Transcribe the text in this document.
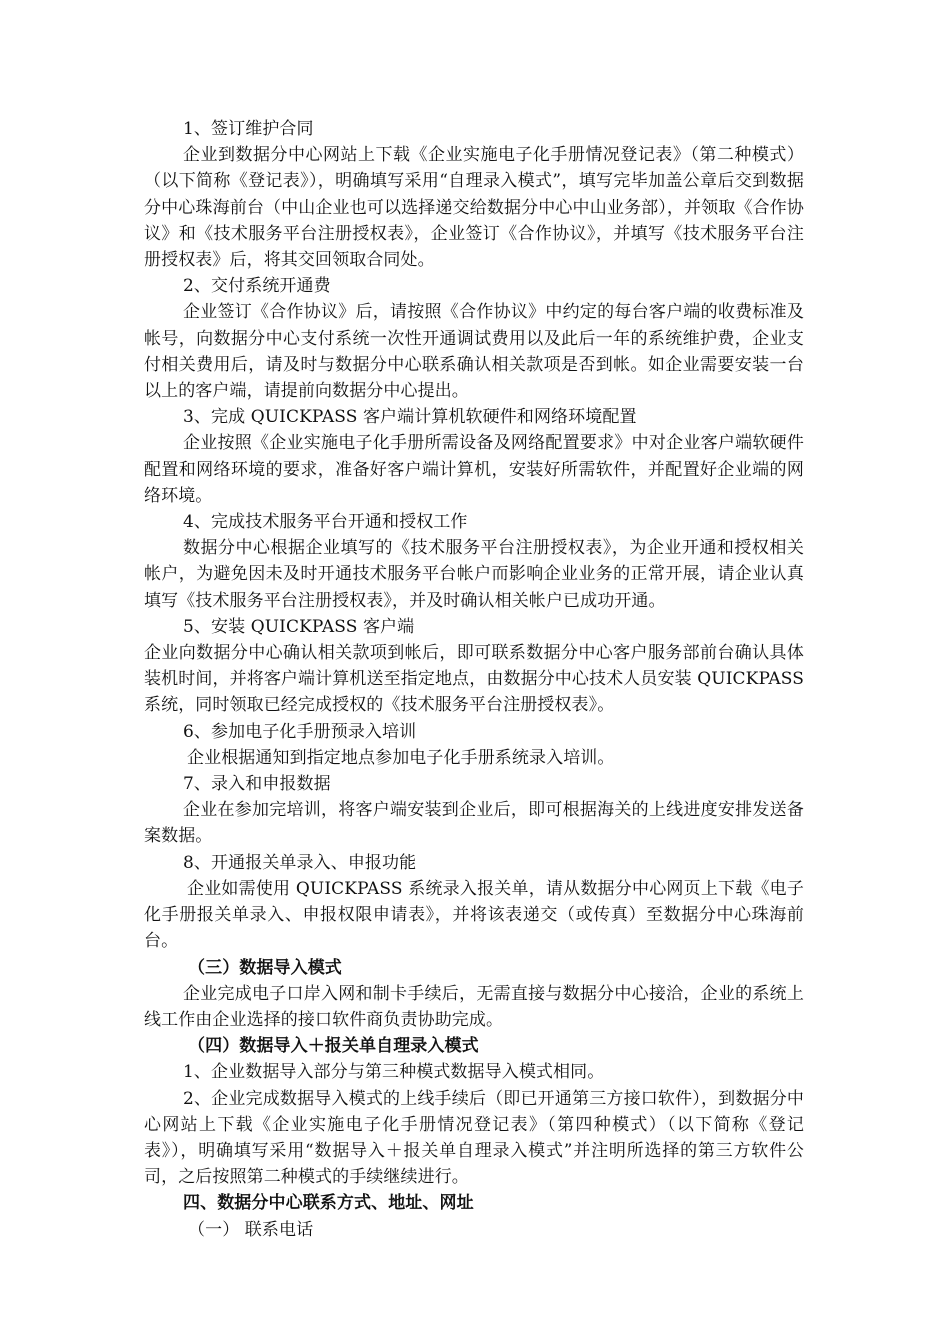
1、签订维护合同

企业到数据分中心网站上下载《企业实施电子化手册情况登记表》（第二种模式）（以下简称《登记表》），明确填写采用“自理录入模式”，填写完毕加盖公章后交到数据分中心珠海前台（中山企业也可以选择递交给数据分中心中山业务部），并领取《合作协议》和《技术服务平台注册授权表》，企业签订《合作协议》，并填写《技术服务平台注册授权表》后，将其交回领取合同处。

2、交付系统开通费

企业签订《合作协议》后，请按照《合作协议》中约定的每台客户端的收费标准及帐号，向数据分中心支付系统一次性开通调试费用以及此后一年的系统维护费，企业支付相关费用后，请及时与数据分中心联系确认相关款项是否到帐。如企业需要安装一台以上的客户端，请提前向数据分中心提出。

3、完成 QUICKPASS 客户端计算机软硬件和网络环境配置

企业按照《企业实施电子化手册所需设备及网络配置要求》中对企业客户端软硬件配置和网络环境的要求，准备好客户端计算机，安装好所需软件，并配置好企业端的网络环境。

4、完成技术服务平台开通和授权工作

数据分中心根据企业填写的《技术服务平台注册授权表》，为企业开通和授权相关帐户，为避免因未及时开通技术服务平台帐户而影响企业业务的正常开展，请企业认真填写《技术服务平台注册授权表》，并及时确认相关帐户已成功开通。

5、安装 QUICKPASS 客户端

企业向数据分中心确认相关款项到帐后，即可联系数据分中心客户服务部前台确认具体装机时间，并将客户端计算机送至指定地点，由数据分中心技术人员安装 QUICKPASS 系统，同时领取已经完成授权的《技术服务平台注册授权表》。

6、参加电子化手册预录入培训

企业根据通知到指定地点参加电子化手册系统录入培训。

7、录入和申报数据

企业在参加完培训，将客户端安装到企业后，即可根据海关的上线进度安排发送备案数据。

8、开通报关单录入、申报功能

企业如需使用 QUICKPASS 系统录入报关单，请从数据分中心网页上下载《电子化手册报关单录入、申报权限申请表》，并将该表递交（或传真）至数据分中心珠海前台。

（三）数据导入模式

企业完成电子口岸入网和制卡手续后，无需直接与数据分中心接洽，企业的系统上线工作由企业选择的接口软件商负责协助完成。

（四）数据导入＋报关单自理录入模式

1、企业数据导入部分与第三种模式数据导入模式相同。

2、企业完成数据导入模式的上线手续后（即已开通第三方接口软件），到数据分中心网站上下载《企业实施电子化手册情况登记表》（第四种模式）（以下简称《登记表》），明确填写采用“数据导入＋报关单自理录入模式”并注明所选择的第三方软件公司，之后按照第二种模式的手续继续进行。

四、数据分中心联系方式、地址、网址

（一） 联系电话
